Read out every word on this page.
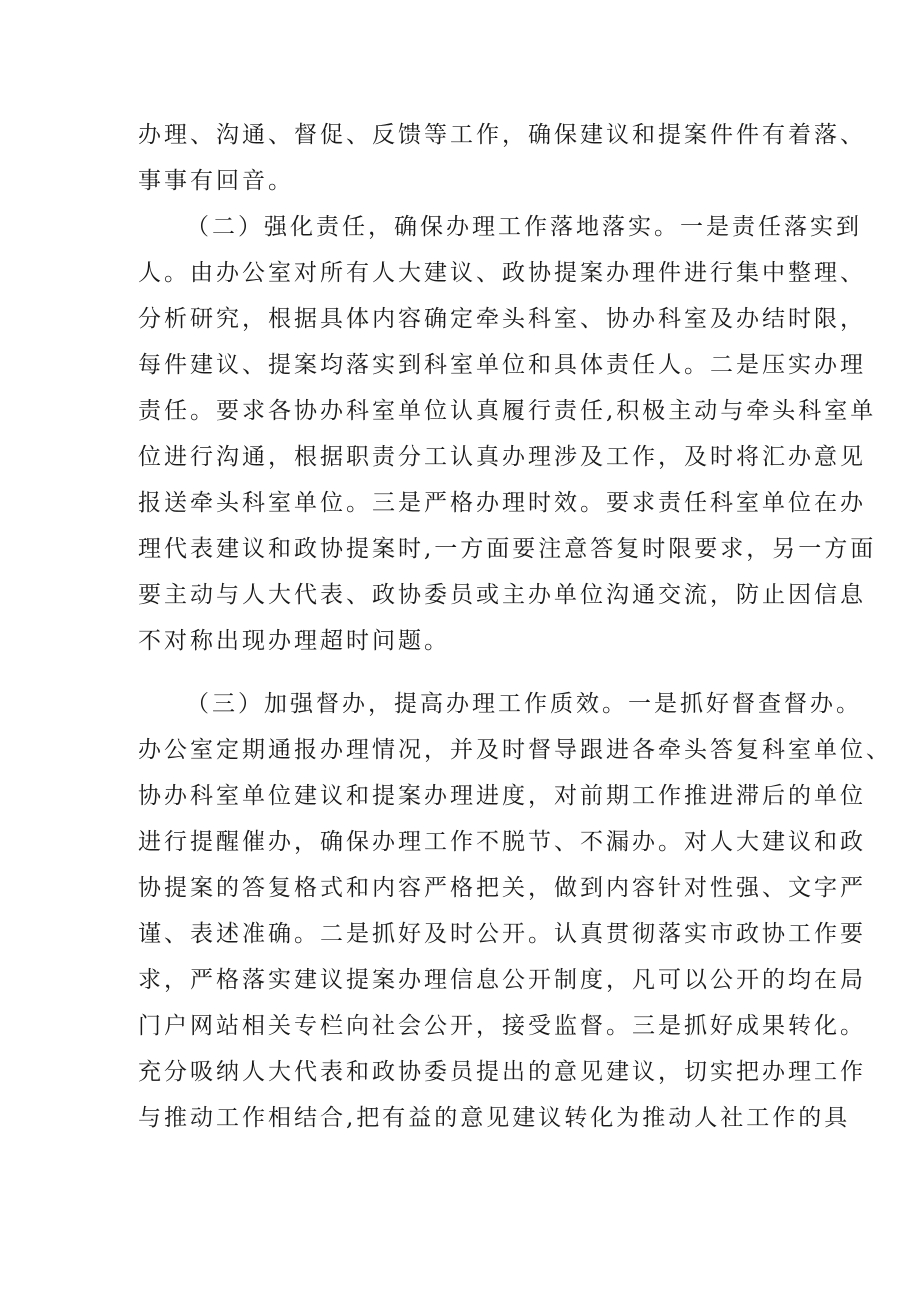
办理、沟通、督促、反馈等工作，确保建议和提案件件有着落、
事事有回音。
（二）强化责任，确保办理工作落地落实。一是责任落实到
人。由办公室对所有人大建议、政协提案办理件进行集中整理、
分析研究，根据具体内容确定牵头科室、协办科室及办结时限，
每件建议、提案均落实到科室单位和具体责任人。二是压实办理
责任。要求各协办科室单位认真履行责任,积极主动与牵头科室单
位进行沟通，根据职责分工认真办理涉及工作，及时将汇办意见
报送牵头科室单位。三是严格办理时效。要求责任科室单位在办
理代表建议和政协提案时,一方面要注意答复时限要求，另一方面
要主动与人大代表、政协委员或主办单位沟通交流，防止因信息
不对称出现办理超时问题。
（三）加强督办，提高办理工作质效。一是抓好督查督办。
办公室定期通报办理情况，并及时督导跟进各牵头答复科室单位、
协办科室单位建议和提案办理进度，对前期工作推进滞后的单位
进行提醒催办，确保办理工作不脱节、不漏办。对人大建议和政
协提案的答复格式和内容严格把关，做到内容针对性强、文字严
谨、表述准确。二是抓好及时公开。认真贯彻落实市政协工作要
求，严格落实建议提案办理信息公开制度，凡可以公开的均在局
门户网站相关专栏向社会公开，接受监督。三是抓好成果转化。
充分吸纳人大代表和政协委员提出的意见建议，切实把办理工作
与推动工作相结合,把有益的意见建议转化为推动人社工作的具
